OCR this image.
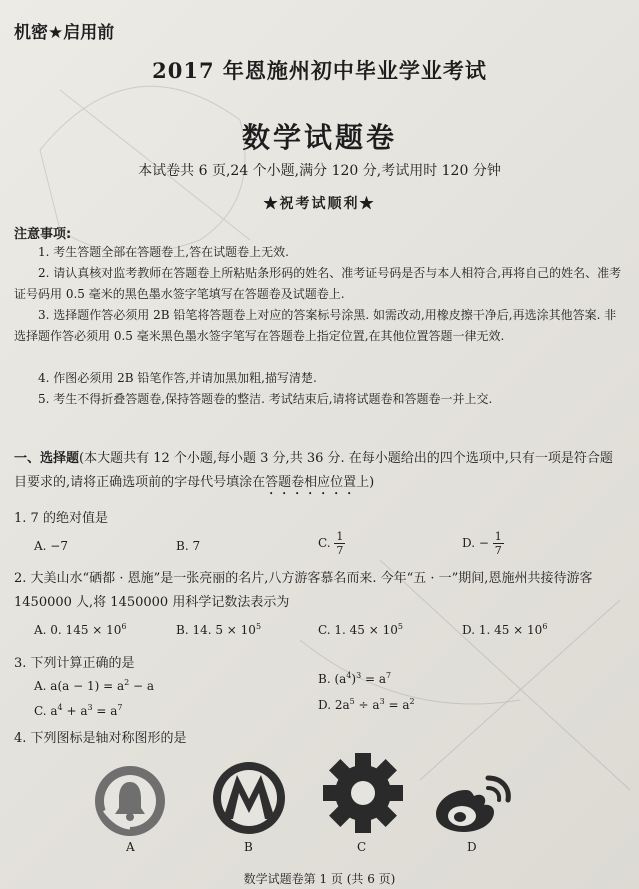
机密★启用前
2017 年恩施州初中毕业学业考试
数学试题卷
本试卷共 6 页,24 个小题,满分 120 分,考试用时 120 分钟
★祝考试顺利★
注意事项:
1. 考生答题全部在答题卷上,答在试题卷上无效.
2. 请认真核对监考教师在答题卷上所粘贴条形码的姓名、准考证号码是否与本人相符合,再将自己的姓名、准考证号码用 0.5 毫米的黑色墨水签字笔填写在答题卷及试题卷上.
3. 选择题作答必须用 2B 铅笔将答题卷上对应的答案标号涂黑. 如需改动,用橡皮擦干净后,再选涂其他答案. 非选择题作答必须用 0.5 毫米黑色墨水签字笔写在答题卷上指定位置,在其他位置答题一律无效.
4. 作图必须用 2B 铅笔作答,并请加黑加粗,描写清楚.
5. 考生不得折叠答题卷,保持答题卷的整洁. 考试结束后,请将试题卷和答题卷一并上交.
一、选择题(本大题共有 12 个小题,每小题 3 分,共 36 分. 在每小题给出的四个选项中,只有一项是符合题目要求的,请将正确选项前的字母代号填涂在答题卷相应位置上)
1. 7 的绝对值是
A. −7	B. 7	C. $\frac{1}{7}$	D. − $\frac{1}{7}$
2. 大美山水“硒都 · 恩施”是一张亮丽的名片,八方游客慕名而来. 今年“五 · 一”期间,恩施州共接待游客 1450000 人,将 1450000 用科学记数法表示为
A. 0. $145 \times 10^6$	B. 14. $5 \times 10^5$	C. 1. $45 \times 10^5$	D. 1. $45 \times 10^6$
3. 下列计算正确的是
A. $a(a - 1) = a^2 - a$	B. $(a^4)^3 = a^7$
C. $a^4 + a^3 = a^7$	D. $2a^5 \div a^3 = a^2$
4. 下列图标是轴对称图形的是
A	B	C	D
数学试题卷第 1 页 (共 6 页)
